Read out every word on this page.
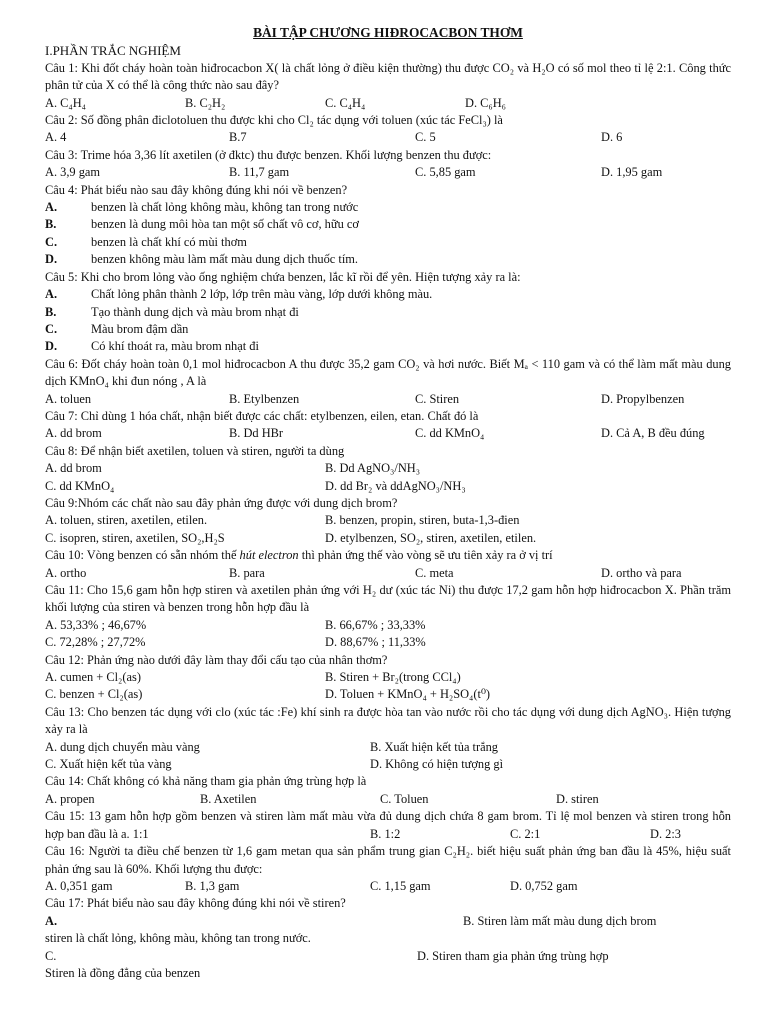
BÀI TẬP CHƯƠNG HIĐROCACBON THƠM
I.PHẦN TRẮC NGHIỆM
Câu 1: Khi đốt cháy hoàn toàn hiđrocacbon X( là chất lỏng ở điều kiện thường) thu được CO₂ và H₂O có số mol theo tỉ lệ 2:1. Công thức phân tử của X có thể là công thức nào sau đây?
A. C₄H₄	B. C₂H₂	C. C₄H₄	D. C₆H₆
Câu 2: Số đồng phân điclotoluen thu được khi cho Cl₂ tác dụng với toluen (xúc tác FeCl₃) là
A. 4	B.7	C. 5	D. 6
Câu 3: Trime hóa 3,36 lít axetilen (ở đktc) thu được benzen. Khối lượng benzen thu được:
A. 3,9 gam	B. 11,7 gam	C. 5,85 gam	D. 1,95 gam
Câu 4: Phát biểu nào sau đây không đúng khi nói về benzen?
A.	benzen là chất lỏng không màu, không tan trong nước
B.	benzen là dung môi hòa tan một số chất vô cơ, hữu cơ
C.	benzen là chất khí có mùi thơm
D.	benzen không màu làm mất màu dung dịch thuốc tím.
Câu 5: Khi cho brom lỏng vào ống nghiệm chứa benzen, lắc kĩ rồi để yên. Hiện tượng xảy ra là:
A.	Chất lỏng phân thành 2 lớp, lớp trên màu vàng, lớp dưới không màu.
B.	Tạo thành dung dịch và màu brom nhạt đi
C.	Màu brom đậm dần
D.	Có khí thoát ra, màu brom nhạt đi
Câu 6: Đốt cháy hoàn toàn 0,1 mol hiđrocacbon A thu được 35,2 gam CO₂ và hơi nước. Biết Mₐ < 110 gam và có thể làm mất màu dung dịch KMnO₄ khi đun nóng , A là
A. toluen	B. Etylbenzen	C. Stiren	D. Propylbenzen
Câu 7: Chỉ dùng 1 hóa chất, nhận biết được các chất: etylbenzen, eilen, etan. Chất đó là
A. dd brom	B. Dd HBr	C. dd KMnO₄	D. Cả A, B đều đúng
Câu 8: Để nhận biết axetilen, toluen và stiren, người ta dùng
A. dd brom	B. Dd AgNO₃/NH₃
C. dd KMnO₄	D. dd Br₂ và ddAgNO₃/NH₃
Câu 9:Nhóm các chất nào sau đây phản ứng được với dung dịch brom?
A. toluen, stiren, axetilen, etilen.	B. benzen, propin, stiren, buta-1,3-đien
C. isopren, stiren, axetilen, SO₂,H₂S	D. etylbenzen, SO₂, stiren, axetilen, etilen.
Câu 10: Vòng benzen có sẵn nhóm thế hút electron thì phản ứng thế vào vòng sẽ ưu tiên xảy ra ở vị trí
A. ortho	B. para	C. meta	D. ortho và para
Câu 11: Cho 15,6 gam hỗn hợp stiren và axetilen phản ứng với H₂ dư (xúc tác Ni) thu được 17,2 gam hỗn hợp hiđrocacbon X. Phần trăm khối lượng của stiren và benzen trong hỗn hợp đầu là
A. 53,33% ; 46,67%	B. 66,67% ; 33,33%
C. 72,28% ; 27,72%	D. 88,67% ; 11,33%
Câu 12: Phản ứng nào dưới đây làm thay đổi cấu tạo của nhân thơm?
A. cumen + Cl₂(as)	B. Stiren + Br₂(trong CCl₄)
C. benzen + Cl₂(as)	D. Toluen + KMnO₄ + H₂SO₄(t⁰)
Câu 13: Cho benzen tác dụng với clo (xúc tác :Fe) khí sinh ra được hòa tan vào nước rồi cho tác dụng với dung dịch AgNO₃. Hiện tượng xảy ra là
A. dung dịch chuyển màu vàng	B. Xuất hiện kết tủa trắng
C. Xuất hiện kết tủa vàng	D. Không có hiện tượng gì
Câu 14: Chất không có khả năng tham gia phản ứng trùng hợp là
A. propen	B. Axetilen	C. Toluen	D. stiren
Câu 15: 13 gam hỗn hợp gồm benzen và stiren làm mất màu vừa đủ dung dịch chứa 8 gam brom. Tỉ lệ mol benzen và stiren trong hỗn hợp ban đầu là a. 1:1	B. 1:2	C. 2:1	D. 2:3
Câu 16: Người ta điều chế benzen từ 1,6 gam metan qua sản phẩm trung gian C₂H₂. biết hiệu suất phản ứng ban đầu là 45%, hiệu suất phản ứng sau là 60%. Khối lượng thu được:
A. 0,351 gam	B. 1,3 gam	C. 1,15 gam	D. 0,752 gam
Câu 17: Phát biểu nào sau đây không đúng khi nói về stiren?
A.
stiren là chất lỏng, không màu, không tan trong nước.
B. Stiren làm mất màu dung dịch brom
C.
Stiren là đồng đẳng của benzen
D. Stiren tham gia phản ứng trùng hợp
